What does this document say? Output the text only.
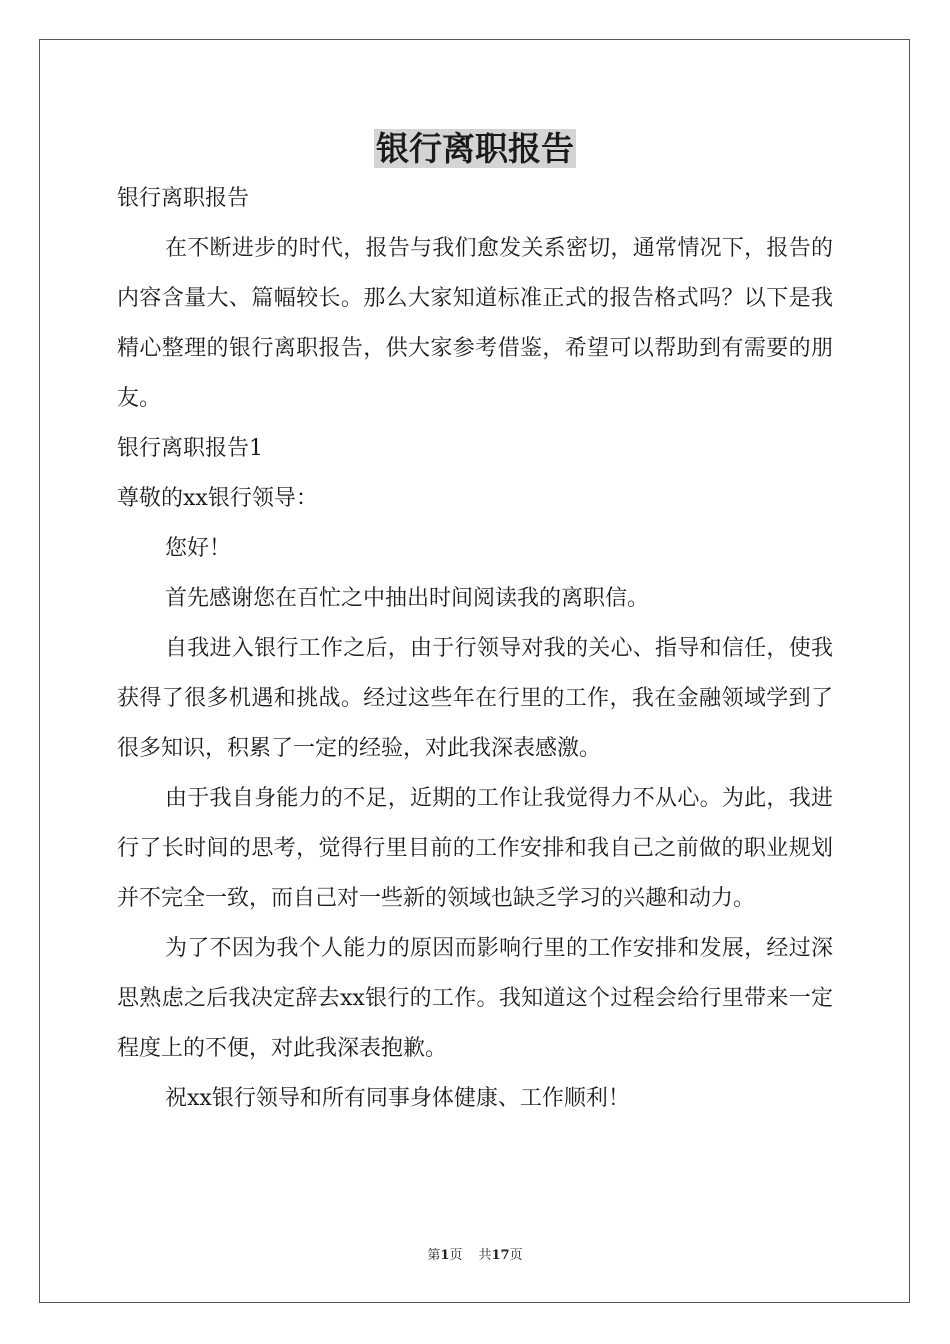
银行离职报告

银行离职报告

在不断进步的时代，报告与我们愈发关系密切，通常情况下，报告的内容含量大、篇幅较长。那么大家知道标准正式的报告格式吗？以下是我精心整理的银行离职报告，供大家参考借鉴，希望可以帮助到有需要的朋友。

银行离职报告1

尊敬的xx银行领导：

您好！

首先感谢您在百忙之中抽出时间阅读我的离职信。

自我进入银行工作之后，由于行领导对我的关心、指导和信任，使我获得了很多机遇和挑战。经过这些年在行里的工作，我在金融领域学到了很多知识，积累了一定的经验，对此我深表感激。

由于我自身能力的不足，近期的工作让我觉得力不从心。为此，我进行了长时间的思考，觉得行里目前的工作安排和我自己之前做的职业规划并不完全一致，而自己对一些新的领域也缺乏学习的兴趣和动力。

为了不因为我个人能力的原因而影响行里的工作安排和发展，经过深思熟虑之后我决定辞去xx银行的工作。我知道这个过程会给行里带来一定程度上的不便，对此我深表抱歉。

祝xx银行领导和所有同事身体健康、工作顺利！

第1页 共17页
